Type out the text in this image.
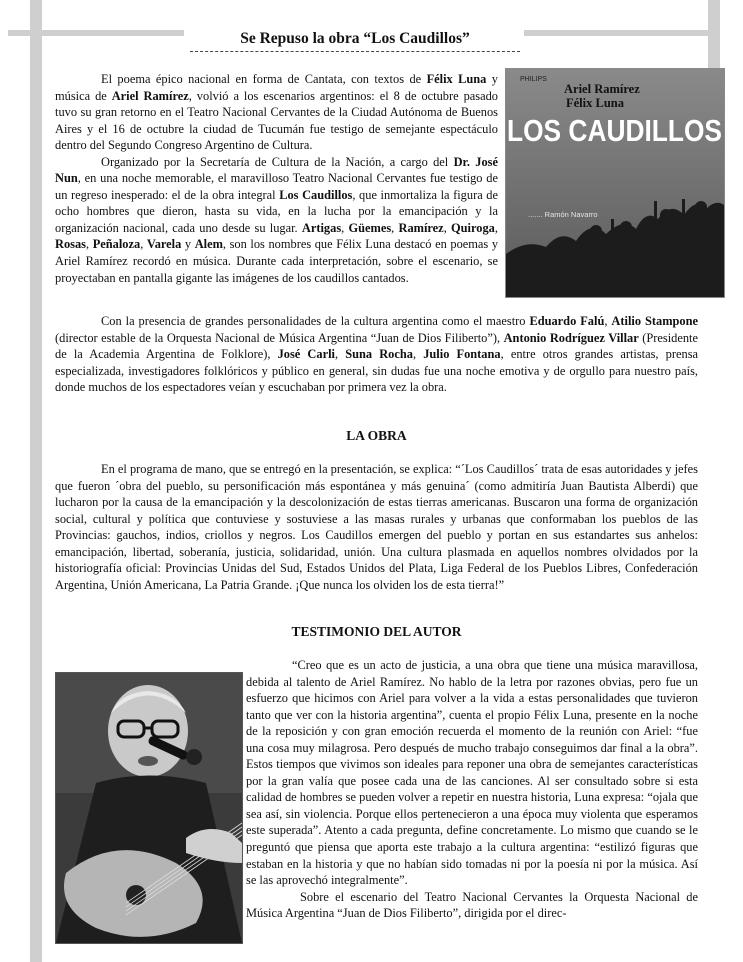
Se Repuso la obra “Los Caudillos”
PHILIPS
Ariel Ramírez
Félix Luna
LOS CAUDILLOS
....... Ramón Navarro

El poema épico nacional en forma de Cantata, con textos de Félix Luna y música de Ariel Ramírez, volvió a los escenarios argentinos: el 8 de octubre pasado tuvo su gran retorno en el Teatro Nacional Cervantes de la Ciudad Autónoma de Buenos Aires y el 16 de octubre la ciudad de Tucumán fue testigo de semejante espectáculo dentro del Segundo Congreso Argentino de Cultura.

Organizado por la Secretaría de Cultura de la Nación, a cargo del Dr. José Nun, en una noche memorable, el maravilloso Teatro Nacional Cervantes fue testigo de un regreso inesperado: el de la obra integral Los Caudillos, que inmortaliza la figura de ocho hombres que dieron, hasta su vida, en la lucha por la emancipación y la organización nacional, cada uno desde su lugar. Artigas, Güemes, Ramírez, Quiroga, Rosas, Peñaloza, Varela y Alem, son los nombres que Félix Luna destacó en poemas y Ariel Ramírez recordó en música. Durante cada interpretación, sobre el escenario, se proyectaban en pantalla gigante las imágenes de los caudillos cantados.

Con la presencia de grandes personalidades de la cultura argentina como el maestro Eduardo Falú, Atilio Stampone (director estable de la Orquesta Nacional de Música Argentina “Juan de Dios Filiberto”), Antonio Rodríguez Villar (Presidente de la Academia Argentina de Folklore), José Carli, Suna Rocha, Julio Fontana, entre otros grandes artistas, prensa especializada, investigadores folklóricos y público en general, sin dudas fue una noche emotiva y de orgullo para nuestro país, donde muchos de los espectadores veían y escuchaban por primera vez la obra.

LA OBRA

En el programa de mano, que se entregó en la presentación, se explica: “´Los Caudillos´ trata de esas autoridades y jefes que fueron ´obra del pueblo, su personificación más espontánea y más genuina´ (como admitiría Juan Bautista Alberdi) que lucharon por la causa de la emancipación y la descolonización de estas tierras americanas. Buscaron una forma de organización social, cultural y política que contuviese y sostuviese a las masas rurales y urbanas que conformaban los pueblos de las Provincias: gauchos, indios, criollos y negros. Los Caudillos emergen del pueblo y portan en sus estandartes sus anhelos: emancipación, libertad, soberanía, justicia, solidaridad, unión. Una cultura plasmada en aquellos nombres olvidados por la historiografía oficial: Provincias Unidas del Sud, Estados Unidos del Plata, Liga Federal de los Pueblos Libres, Confederación Argentina, Unión Americana, La Patria Grande. ¡Que nunca los olviden los de esta tierra!”

TESTIMONIO DEL AUTOR

“Creo que es un acto de justicia, a una obra que tiene una música maravillosa, debida al talento de Ariel Ramírez. No hablo de la letra por razones obvias, pero fue un esfuerzo que hicimos con Ariel para volver a la vida a estas personalidades que tuvieron tanto que ver con la historia argentina”, cuenta el propio Félix Luna, presente en la noche de la reposición y con gran emoción recuerda el momento de la reunión con Ariel: “fue una cosa muy milagrosa. Pero después de mucho trabajo conseguimos dar final a la obra”. Estos tiempos que vivimos son ideales para reponer una obra de semejantes características por la gran valía que posee cada una de las canciones. Al ser consultado sobre si esta calidad de hombres se pueden volver a repetir en nuestra historia, Luna expresa: “ojala que sea así, sin violencia. Porque ellos pertenecieron a una época muy violenta que esperamos este superada”. Atento a cada pregunta, define concretamente. Lo mismo que cuando se le preguntó que piensa que aporta este trabajo a la cultura argentina: “estilizó figuras que estaban en la historia y que no habían sido tomadas ni por la poesía ni por la música. Así se las aprovechó integralmente”.

Sobre el escenario del Teatro Nacional Cervantes la Orquesta Nacional de Música Argentina “Juan de Dios Filiberto”, dirigida por el direc-
